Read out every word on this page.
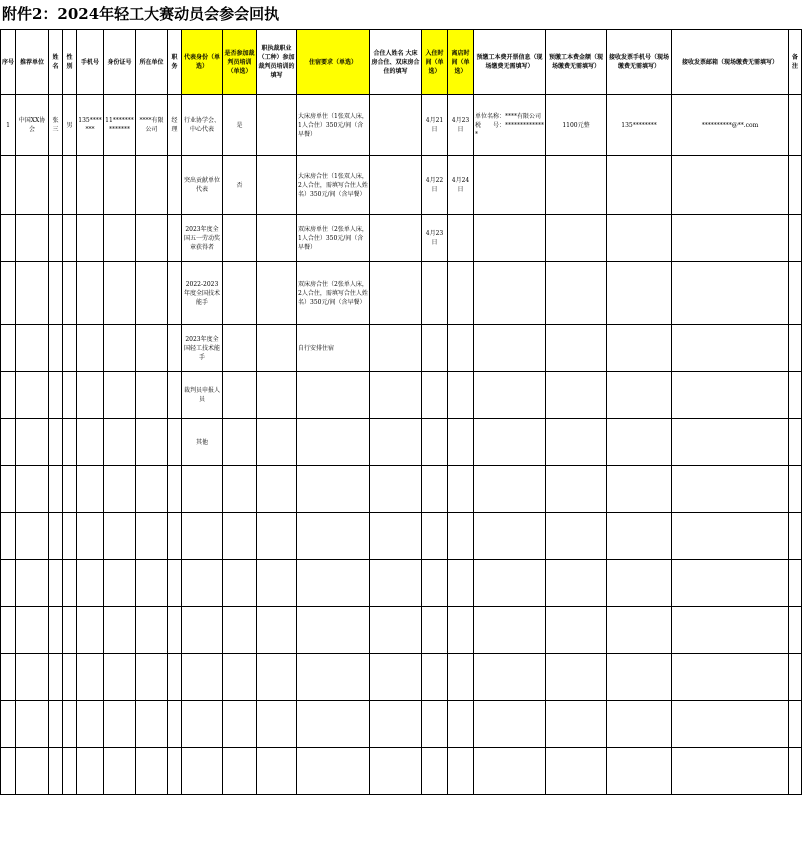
附件2：2024年轻工大赛动员会参会回执
序号	推荐单位	姓名	性别	手机号	身份证号	所在单位	职务	代表身份（单选）	是否参加裁判员培训（单选）	职执裁职业（工种）参加裁判员培训的填写	住宿要求（单选）	合住人姓名 大床房合住、双床房合住的填写	入住时间（单选）	离店时间（单选）	预缴工本费开票信息（现场缴费无需填写）	预缴工本费金额（现场缴费无需填写）	接收发票手机号（现场缴费无需填写）	接收发票邮箱（现场缴费无需填写）	备注
1	中国XX协会	张三	男	135*******	11**************	****有限公司	经理	行业协学会、中心代表	是		大床房单住（1张双人床，1人合住）350元/间（含早餐）		4月21日	4月23日	单位名称：****有限公司 税　　号：**************	1100元整	135********	**********@**.com	
								突出贡献单位代表	否		大床房合住（1张双人床，2人合住，需填写合住人姓名）350元/间（含早餐）		4月22日	4月24日					
								2023年度全国五一劳动奖章获得者			双床房单住（2张单人床，1人合住）350元/间（含早餐）		4月23日						
								2022-2023年度全国技术能手			双床房合住（2张单人床，2人合住，需填写合住人姓名）350元/间（含早餐）								
								2023年度全国轻工技术能手			自行安排住宿								
								裁判员申报人员											
								其他											
